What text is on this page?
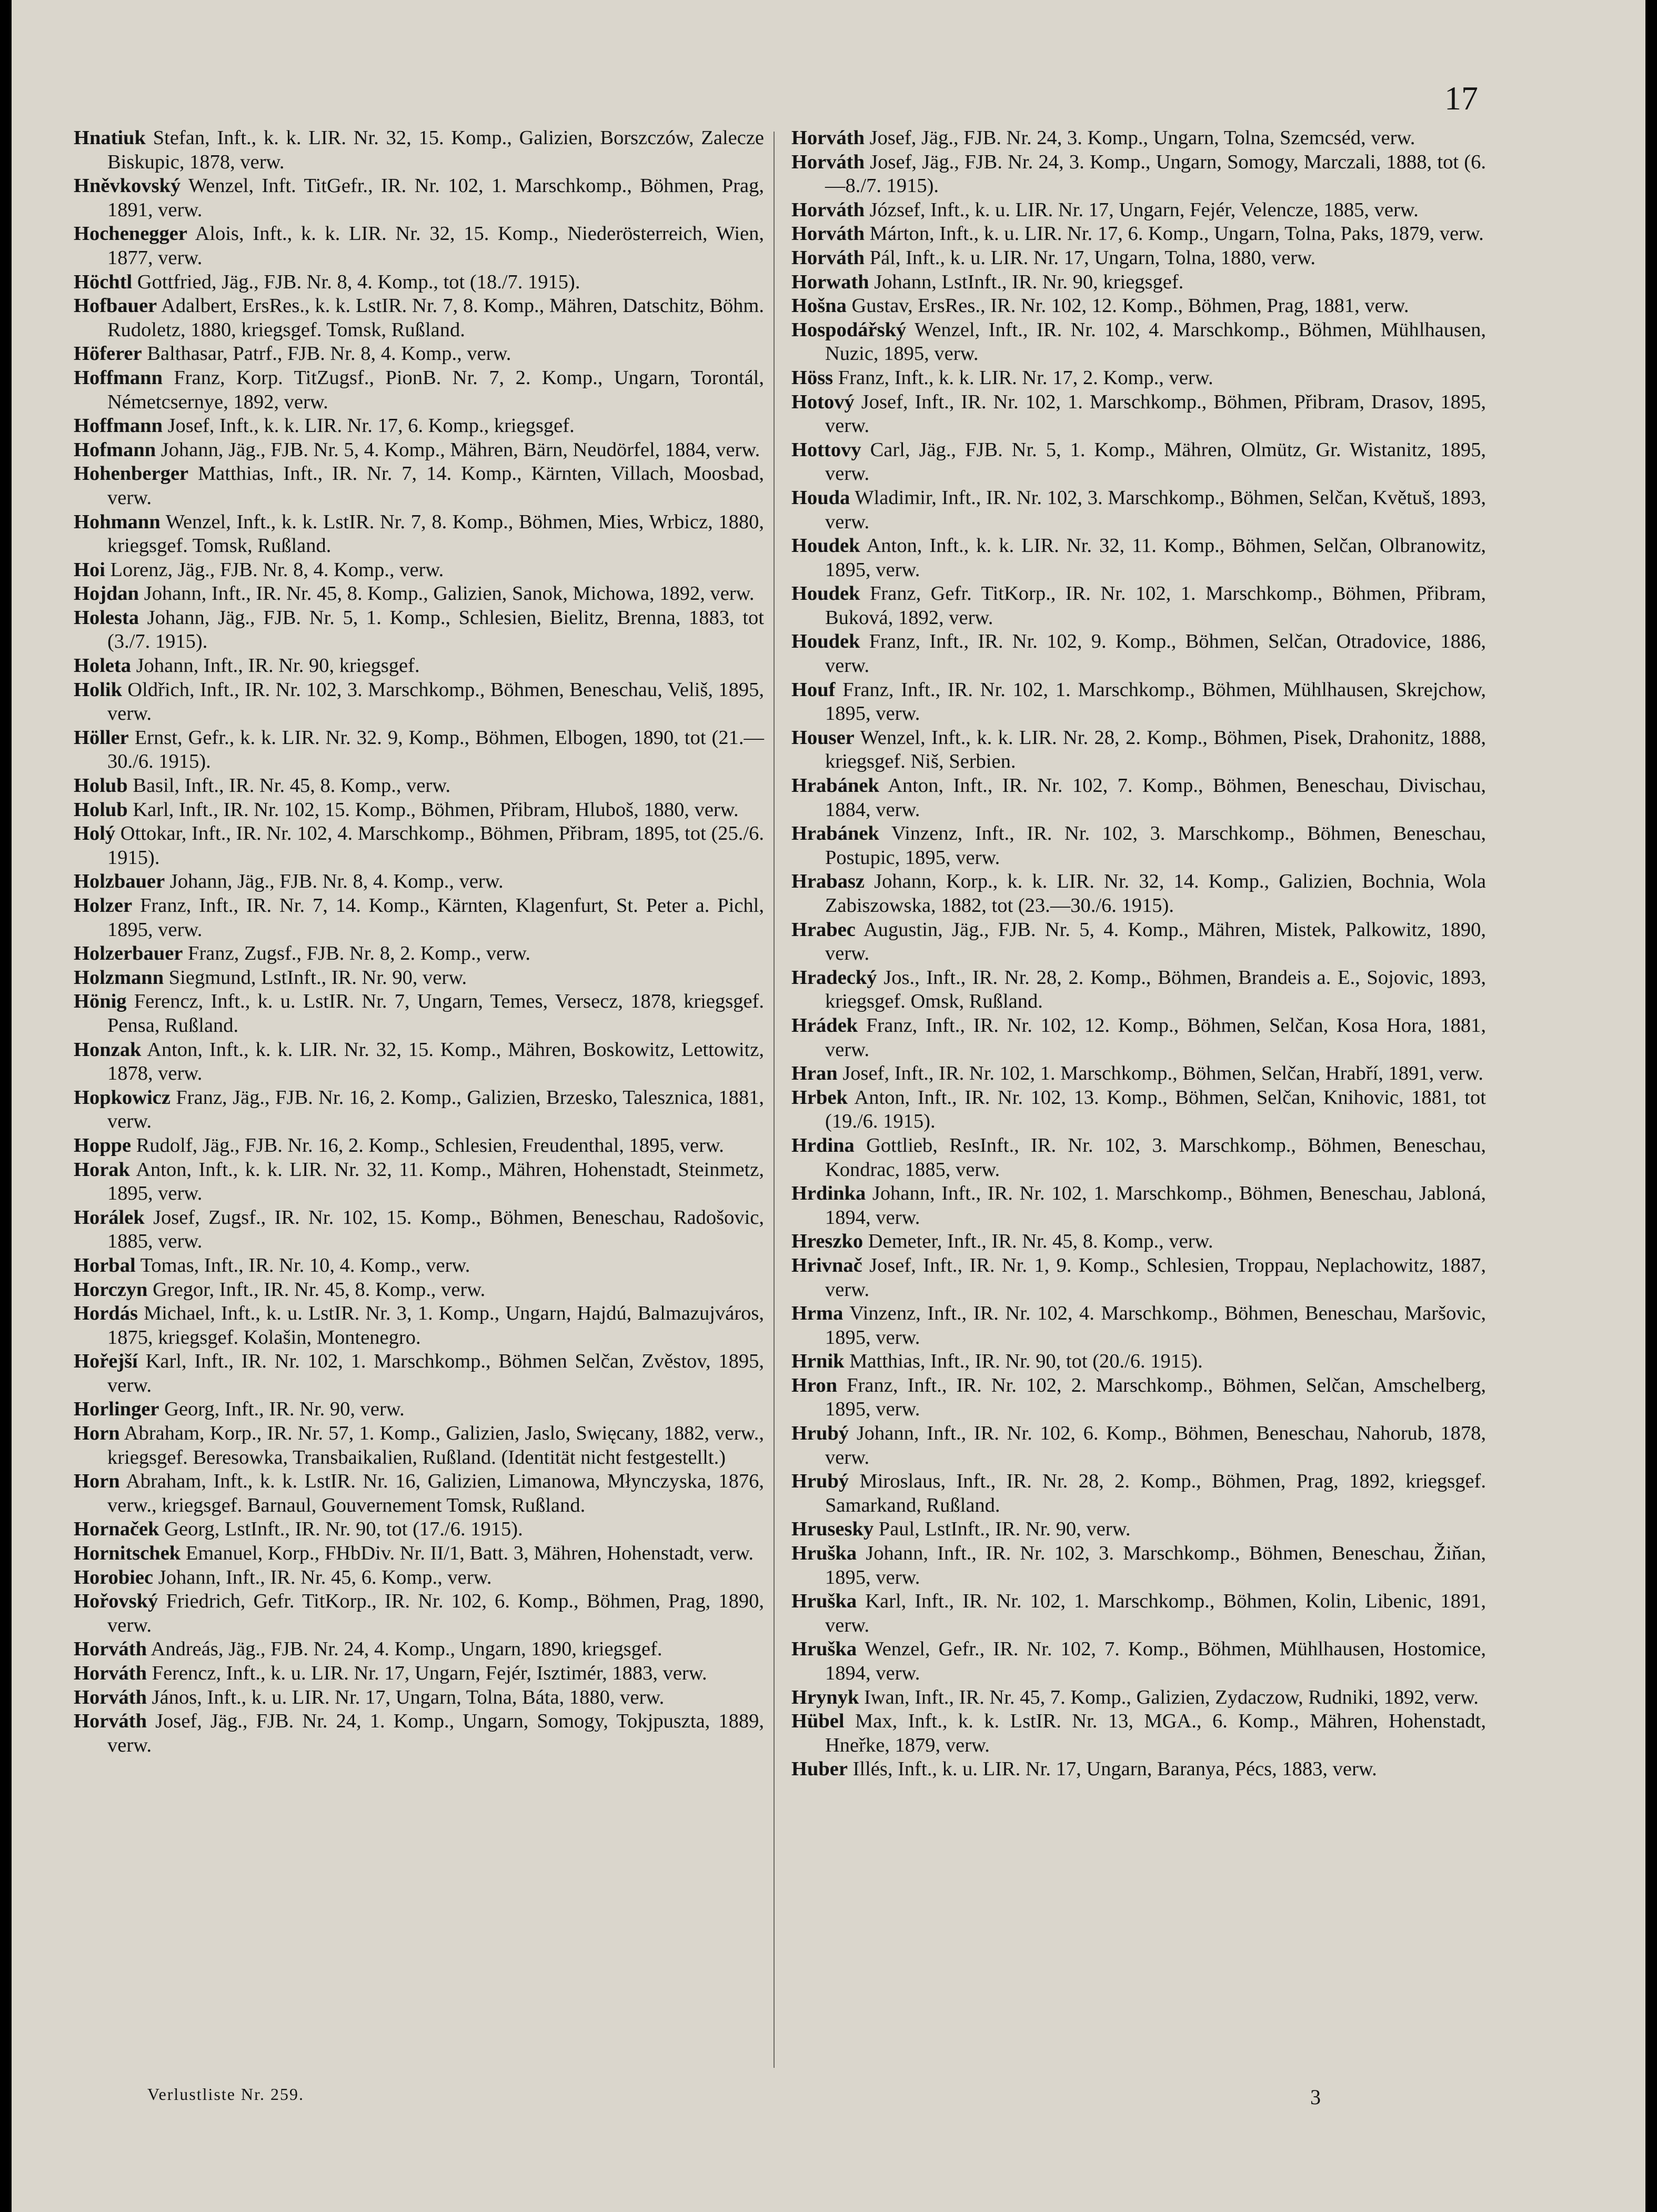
17
Hnatiuk Stefan, Inft., k. k. LIR. Nr. 32, 15. Komp., Galizien, Borszczów, Zalecze Biskupic, 1878, verw.
Hněvkovský Wenzel, Inft. TitGefr., IR. Nr. 102, 1. Marschkomp., Böhmen, Prag, 1891, verw.
Hochenegger Alois, Inft., k. k. LIR. Nr. 32, 15. Komp., Niederösterreich, Wien, 1877, verw.
Höchtl Gottfried, Jäg., FJB. Nr. 8, 4. Komp., tot (18./7. 1915).
Hofbauer Adalbert, ErsRes., k. k. LstIR. Nr. 7, 8. Komp., Mähren, Datschitz, Böhm. Rudoletz, 1880, kriegsgef. Tomsk, Rußland.
Höferer Balthasar, Patrf., FJB. Nr. 8, 4. Komp., verw.
Hoffmann Franz, Korp. TitZugsf., PionB. Nr. 7, 2. Komp., Ungarn, Torontál, Németcsernye, 1892, verw.
Hoffmann Josef, Inft., k. k. LIR. Nr. 17, 6. Komp., kriegsgef.
Hofmann Johann, Jäg., FJB. Nr. 5, 4. Komp., Mähren, Bärn, Neudörfel, 1884, verw.
Hohenberger Matthias, Inft., IR. Nr. 7, 14. Komp., Kärnten, Villach, Moosbad, verw.
Hohmann Wenzel, Inft., k. k. LstIR. Nr. 7, 8. Komp., Böhmen, Mies, Wrbicz, 1880, kriegsgef. Tomsk, Rußland.
Hoi Lorenz, Jäg., FJB. Nr. 8, 4. Komp., verw.
Hojdan Johann, Inft., IR. Nr. 45, 8. Komp., Galizien, Sanok, Michowa, 1892, verw.
Holesta Johann, Jäg., FJB. Nr. 5, 1. Komp., Schlesien, Bielitz, Brenna, 1883, tot (3./7. 1915).
Holeta Johann, Inft., IR. Nr. 90, kriegsgef.
Holik Oldřich, Inft., IR. Nr. 102, 3. Marschkomp., Böhmen, Beneschau, Veliš, 1895, verw.
Höller Ernst, Gefr., k. k. LIR. Nr. 32. 9, Komp., Böhmen, Elbogen, 1890, tot (21.—30./6. 1915).
Holub Basil, Inft., IR. Nr. 45, 8. Komp., verw.
Holub Karl, Inft., IR. Nr. 102, 15. Komp., Böhmen, Přibram, Hluboš, 1880, verw.
Holý Ottokar, Inft., IR. Nr. 102, 4. Marschkomp., Böhmen, Přibram, 1895, tot (25./6. 1915).
Holzbauer Johann, Jäg., FJB. Nr. 8, 4. Komp., verw.
Holzer Franz, Inft., IR. Nr. 7, 14. Komp., Kärnten, Klagenfurt, St. Peter a. Pichl, 1895, verw.
Holzerbauer Franz, Zugsf., FJB. Nr. 8, 2. Komp., verw.
Holzmann Siegmund, LstInft., IR. Nr. 90, verw.
Hönig Ferencz, Inft., k. u. LstIR. Nr. 7, Ungarn, Temes, Versecz, 1878, kriegsgef. Pensa, Rußland.
Honzak Anton, Inft., k. k. LIR. Nr. 32, 15. Komp., Mähren, Boskowitz, Lettowitz, 1878, verw.
Hopkowicz Franz, Jäg., FJB. Nr. 16, 2. Komp., Galizien, Brzesko, Talesznica, 1881, verw.
Hoppe Rudolf, Jäg., FJB. Nr. 16, 2. Komp., Schlesien, Freudenthal, 1895, verw.
Horak Anton, Inft., k. k. LIR. Nr. 32, 11. Komp., Mähren, Hohenstadt, Steinmetz, 1895, verw.
Horálek Josef, Zugsf., IR. Nr. 102, 15. Komp., Böhmen, Beneschau, Radošovic, 1885, verw.
Horbal Tomas, Inft., IR. Nr. 10, 4. Komp., verw.
Horczyn Gregor, Inft., IR. Nr. 45, 8. Komp., verw.
Hordás Michael, Inft., k. u. LstIR. Nr. 3, 1. Komp., Ungarn, Hajdú, Balmazujváros, 1875, kriegsgef. Kolašin, Montenegro.
Hořejší Karl, Inft., IR. Nr. 102, 1. Marschkomp., Böhmen Selčan, Zvěstov, 1895, verw.
Horlinger Georg, Inft., IR. Nr. 90, verw.
Horn Abraham, Korp., IR. Nr. 57, 1. Komp., Galizien, Jaslo, Swięcany, 1882, verw., kriegsgef. Beresowka, Transbaikalien, Rußland. (Identität nicht festgestellt.)
Horn Abraham, Inft., k. k. LstIR. Nr. 16, Galizien, Limanowa, Młynczyska, 1876, verw., kriegsgef. Barnaul, Gouvernement Tomsk, Rußland.
Hornaček Georg, LstInft., IR. Nr. 90, tot (17./6. 1915).
Hornitschek Emanuel, Korp., FHbDiv. Nr. II/1, Batt. 3, Mähren, Hohenstadt, verw.
Horobiec Johann, Inft., IR. Nr. 45, 6. Komp., verw.
Hořovský Friedrich, Gefr. TitKorp., IR. Nr. 102, 6. Komp., Böhmen, Prag, 1890, verw.
Horváth Andreás, Jäg., FJB. Nr. 24, 4. Komp., Ungarn, 1890, kriegsgef.
Horváth Ferencz, Inft., k. u. LIR. Nr. 17, Ungarn, Fejér, Isztimér, 1883, verw.
Horváth János, Inft., k. u. LIR. Nr. 17, Ungarn, Tolna, Báta, 1880, verw.
Horváth Josef, Jäg., FJB. Nr. 24, 1. Komp., Ungarn, Somogy, Tokjpuszta, 1889, verw.
Horváth Josef, Jäg., FJB. Nr. 24, 3. Komp., Ungarn, Tolna, Szemcséd, verw.
Horváth Josef, Jäg., FJB. Nr. 24, 3. Komp., Ungarn, Somogy, Marczali, 1888, tot (6.—8./7. 1915).
Horváth József, Inft., k. u. LIR. Nr. 17, Ungarn, Fejér, Velencze, 1885, verw.
Horváth Márton, Inft., k. u. LIR. Nr. 17, 6. Komp., Ungarn, Tolna, Paks, 1879, verw.
Horváth Pál, Inft., k. u. LIR. Nr. 17, Ungarn, Tolna, 1880, verw.
Horwath Johann, LstInft., IR. Nr. 90, kriegsgef.
Hošna Gustav, ErsRes., IR. Nr. 102, 12. Komp., Böhmen, Prag, 1881, verw.
Hospodářský Wenzel, Inft., IR. Nr. 102, 4. Marschkomp., Böhmen, Mühlhausen, Nuzic, 1895, verw.
Höss Franz, Inft., k. k. LIR. Nr. 17, 2. Komp., verw.
Hotový Josef, Inft., IR. Nr. 102, 1. Marschkomp., Böhmen, Přibram, Drasov, 1895, verw.
Hottovy Carl, Jäg., FJB. Nr. 5, 1. Komp., Mähren, Olmütz, Gr. Wistanitz, 1895, verw.
Houda Wladimir, Inft., IR. Nr. 102, 3. Marschkomp., Böhmen, Selčan, Květuš, 1893, verw.
Houdek Anton, Inft., k. k. LIR. Nr. 32, 11. Komp., Böhmen, Selčan, Olbranowitz, 1895, verw.
Houdek Franz, Gefr. TitKorp., IR. Nr. 102, 1. Marschkomp., Böhmen, Přibram, Buková, 1892, verw.
Houdek Franz, Inft., IR. Nr. 102, 9. Komp., Böhmen, Selčan, Otradovice, 1886, verw.
Houf Franz, Inft., IR. Nr. 102, 1. Marschkomp., Böhmen, Mühlhausen, Skrejchow, 1895, verw.
Houser Wenzel, Inft., k. k. LIR. Nr. 28, 2. Komp., Böhmen, Pisek, Drahonitz, 1888, kriegsgef. Niš, Serbien.
Hrabánek Anton, Inft., IR. Nr. 102, 7. Komp., Böhmen, Beneschau, Divischau, 1884, verw.
Hrabánek Vinzenz, Inft., IR. Nr. 102, 3. Marschkomp., Böhmen, Beneschau, Postupic, 1895, verw.
Hrabasz Johann, Korp., k. k. LIR. Nr. 32, 14. Komp., Galizien, Bochnia, Wola Zabiszowska, 1882, tot (23.—30./6. 1915).
Hrabec Augustin, Jäg., FJB. Nr. 5, 4. Komp., Mähren, Mistek, Palkowitz, 1890, verw.
Hradecký Jos., Inft., IR. Nr. 28, 2. Komp., Böhmen, Brandeis a. E., Sojovic, 1893, kriegsgef. Omsk, Rußland.
Hrádek Franz, Inft., IR. Nr. 102, 12. Komp., Böhmen, Selčan, Kosa Hora, 1881, verw.
Hran Josef, Inft., IR. Nr. 102, 1. Marschkomp., Böhmen, Selčan, Hrabří, 1891, verw.
Hrbek Anton, Inft., IR. Nr. 102, 13. Komp., Böhmen, Selčan, Knihovic, 1881, tot (19./6. 1915).
Hrdina Gottlieb, ResInft., IR. Nr. 102, 3. Marschkomp., Böhmen, Beneschau, Kondrac, 1885, verw.
Hrdinka Johann, Inft., IR. Nr. 102, 1. Marschkomp., Böhmen, Beneschau, Jabloná, 1894, verw.
Hreszko Demeter, Inft., IR. Nr. 45, 8. Komp., verw.
Hrivnač Josef, Inft., IR. Nr. 1, 9. Komp., Schlesien, Troppau, Neplachowitz, 1887, verw.
Hrma Vinzenz, Inft., IR. Nr. 102, 4. Marschkomp., Böhmen, Beneschau, Maršovic, 1895, verw.
Hrnik Matthias, Inft., IR. Nr. 90, tot (20./6. 1915).
Hron Franz, Inft., IR. Nr. 102, 2. Marschkomp., Böhmen, Selčan, Amschelberg, 1895, verw.
Hrubý Johann, Inft., IR. Nr. 102, 6. Komp., Böhmen, Beneschau, Nahorub, 1878, verw.
Hrubý Miroslaus, Inft., IR. Nr. 28, 2. Komp., Böhmen, Prag, 1892, kriegsgef. Samarkand, Rußland.
Hrusesky Paul, LstInft., IR. Nr. 90, verw.
Hruška Johann, Inft., IR. Nr. 102, 3. Marschkomp., Böhmen, Beneschau, Žiňan, 1895, verw.
Hruška Karl, Inft., IR. Nr. 102, 1. Marschkomp., Böhmen, Kolin, Libenic, 1891, verw.
Hruška Wenzel, Gefr., IR. Nr. 102, 7. Komp., Böhmen, Mühlhausen, Hostomice, 1894, verw.
Hrynyk Iwan, Inft., IR. Nr. 45, 7. Komp., Galizien, Zydaczow, Rudniki, 1892, verw.
Hübel Max, Inft., k. k. LstIR. Nr. 13, MGA., 6. Komp., Mähren, Hohenstadt, Hneřke, 1879, verw.
Huber Illés, Inft., k. u. LIR. Nr. 17, Ungarn, Baranya, Pécs, 1883, verw.
Verlustliste Nr. 259.	3
